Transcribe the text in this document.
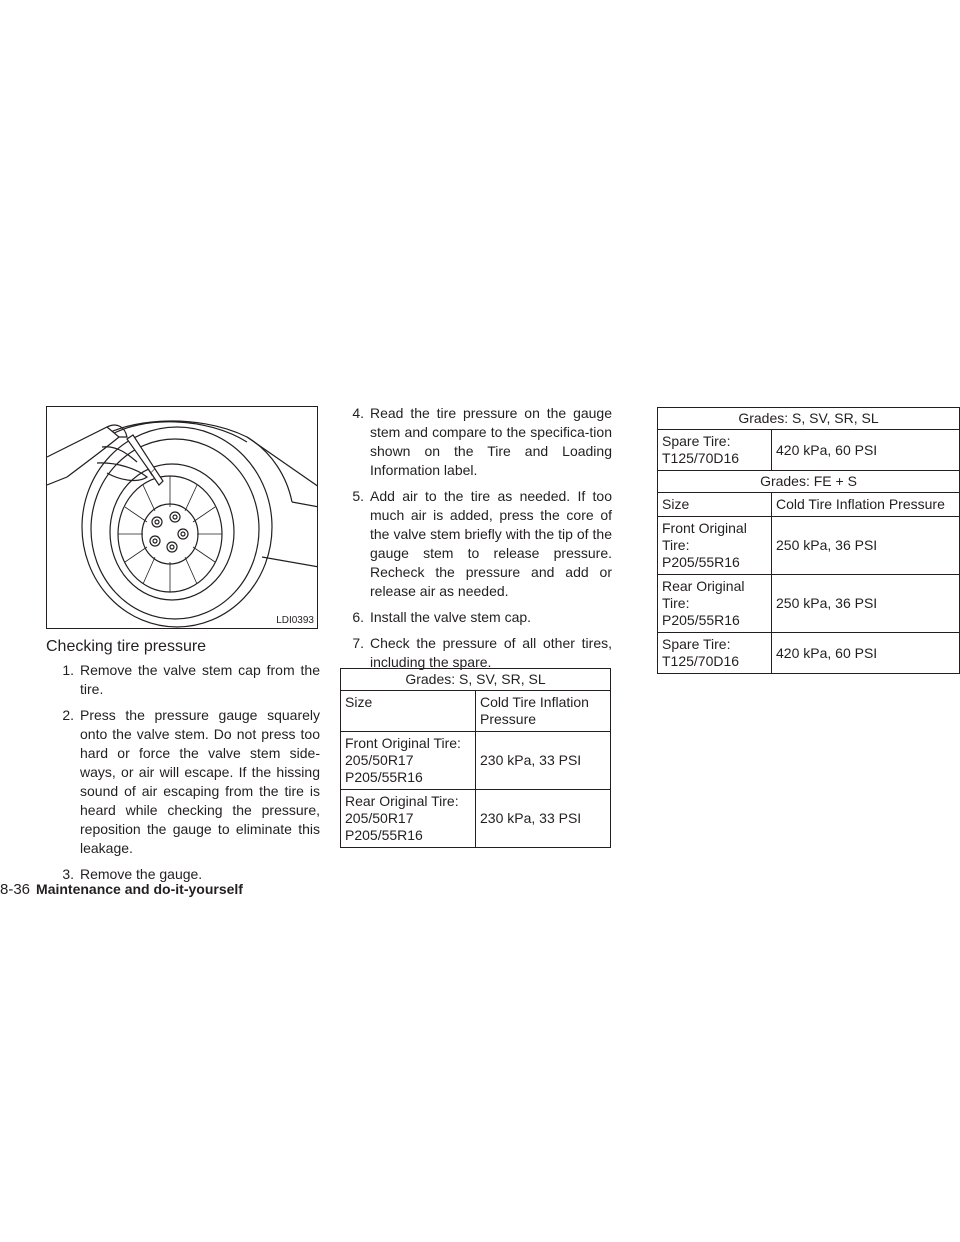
LDI0393
Checking tire pressure
1. Remove the valve stem cap from the tire.
2. Press the pressure gauge squarely onto the valve stem. Do not press too hard or force the valve stem side-ways, or air will escape. If the hissing sound of air escaping from the tire is heard while checking the pressure, reposition the gauge to eliminate this leakage.
3. Remove the gauge.
4. Read the tire pressure on the gauge stem and compare to the specifica-tion shown on the Tire and Loading Information label.
5. Add air to the tire as needed. If too much air is added, press the core of the valve stem briefly with the tip of the gauge stem to release pressure. Recheck the pressure and add or release air as needed.
6. Install the valve stem cap.
7. Check the pressure of all other tires, including the spare.
Grades: S, SV, SR, SL	
Size	Cold Tire Inflation Pressure
Front Original Tire: 205/50R17 P205/55R16	230 kPa, 33 PSI
Rear Original Tire: 205/50R17 P205/55R16	230 kPa, 33 PSI
Grades: S, SV, SR, SL	
Spare Tire: T125/70D16	420 kPa, 60 PSI
Grades: FE + S	
Size	Cold Tire Inflation Pressure
Front Original Tire: P205/55R16	250 kPa, 36 PSI
Rear Original Tire: P205/55R16	250 kPa, 36 PSI
Spare Tire: T125/70D16	420 kPa, 60 PSI
8-36 Maintenance and do-it-yourself
